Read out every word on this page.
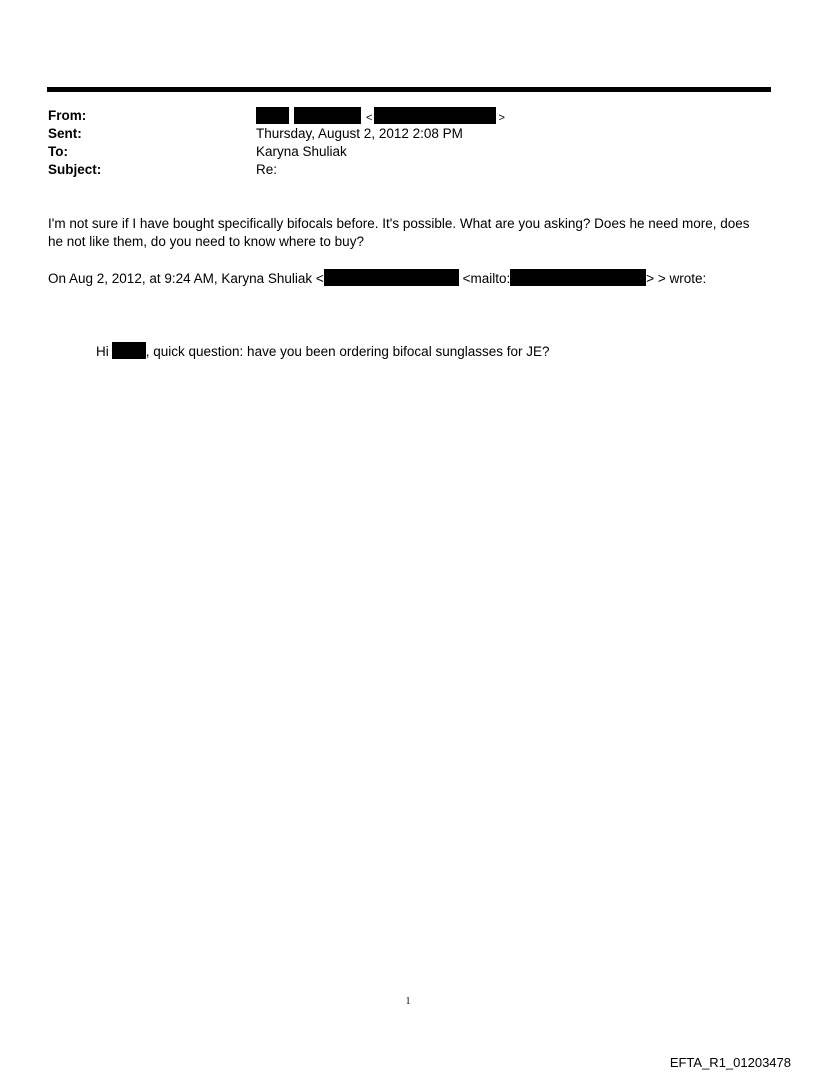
From:	<	>
Sent:	Thursday, August 2, 2012 2:08 PM
To:	Karyna Shuliak
Subject:	Re:
I'm not sure if I have bought specifically bifocals before. It's possible. What are you asking? Does he need more, does he not like them, do you need to know where to buy?
On Aug 2, 2012, at 9:24 AM, Karyna Shuliak <	<mailto:	> > wrote:
Hi	, quick question: have you been ordering bifocal sunglasses for JE?
1
EFTA_R1_01203478
